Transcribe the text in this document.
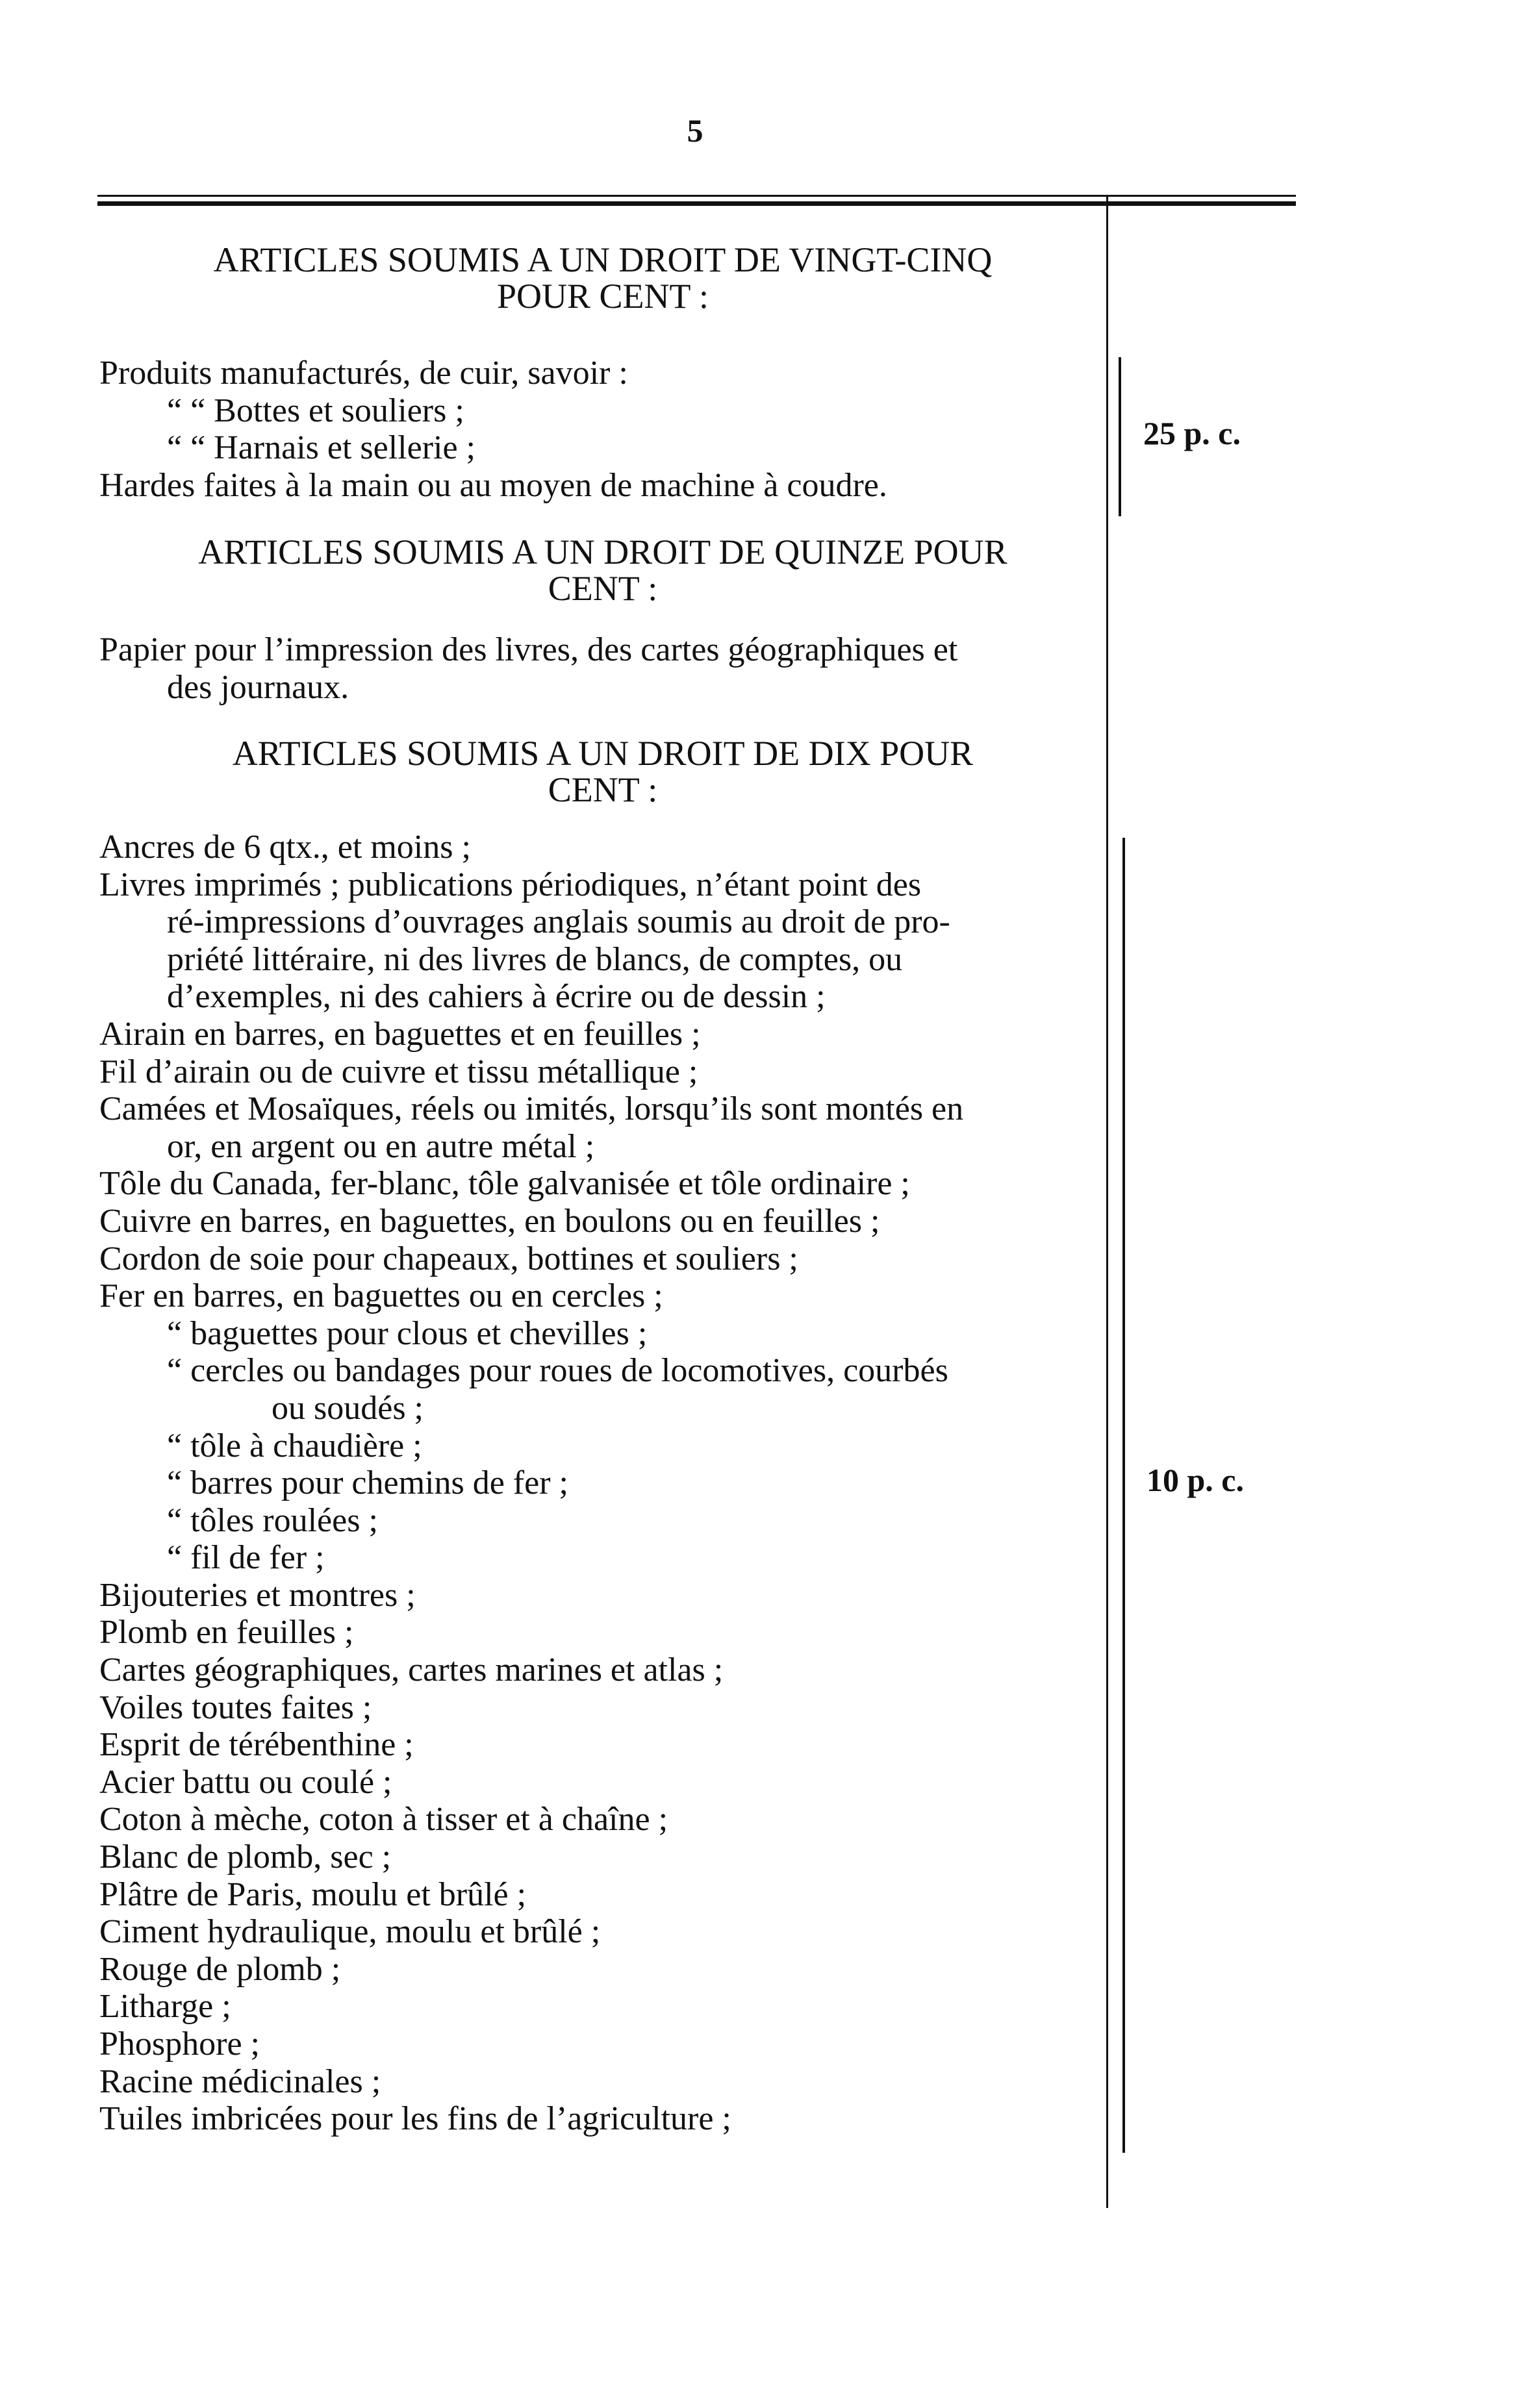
5
ARTICLES SOUMIS A UN DROIT DE VINGT-CINQ
POUR CENT :
Produits manufacturés, de cuir, savoir :
“ “ Bottes et souliers ;
“ “ Harnais et sellerie ;
Hardes faites à la main ou au moyen de machine à coudre.
25 p. c.
ARTICLES SOUMIS A UN DROIT DE QUINZE POUR
CENT :
Papier pour l’impression des livres, des cartes géographiques et
des journaux.
ARTICLES SOUMIS A UN DROIT DE DIX POUR
CENT :
Ancres de 6 qtx., et moins ;
Livres imprimés ; publications périodiques, n’étant point des
ré-impressions d’ouvrages anglais soumis au droit de pro-
priété littéraire, ni des livres de blancs, de comptes, ou
d’exemples, ni des cahiers à écrire ou de dessin ;
Airain en barres, en baguettes et en feuilles ;
Fil d’airain ou de cuivre et tissu métallique ;
Camées et Mosaïques, réels ou imités, lorsqu’ils sont montés en
or, en argent ou en autre métal ;
Tôle du Canada, fer-blanc, tôle galvanisée et tôle ordinaire ;
Cuivre en barres, en baguettes, en boulons ou en feuilles ;
Cordon de soie pour chapeaux, bottines et souliers ;
Fer en barres, en baguettes ou en cercles ;
“ baguettes pour clous et chevilles ;
“ cercles ou bandages pour roues de locomotives, courbés
ou soudés ;
“ tôle à chaudière ;
“ barres pour chemins de fer ;
“ tôles roulées ;
“ fil de fer ;
Bijouteries et montres ;
Plomb en feuilles ;
Cartes géographiques, cartes marines et atlas ;
Voiles toutes faites ;
Esprit de térébenthine ;
Acier battu ou coulé ;
Coton à mèche, coton à tisser et à chaîne ;
Blanc de plomb, sec ;
Plâtre de Paris, moulu et brûlé ;
Ciment hydraulique, moulu et brûlé ;
Rouge de plomb ;
Litharge ;
Phosphore ;
Racine médicinales ;
Tuiles imbricées pour les fins de l’agriculture ;
10 p. c.
